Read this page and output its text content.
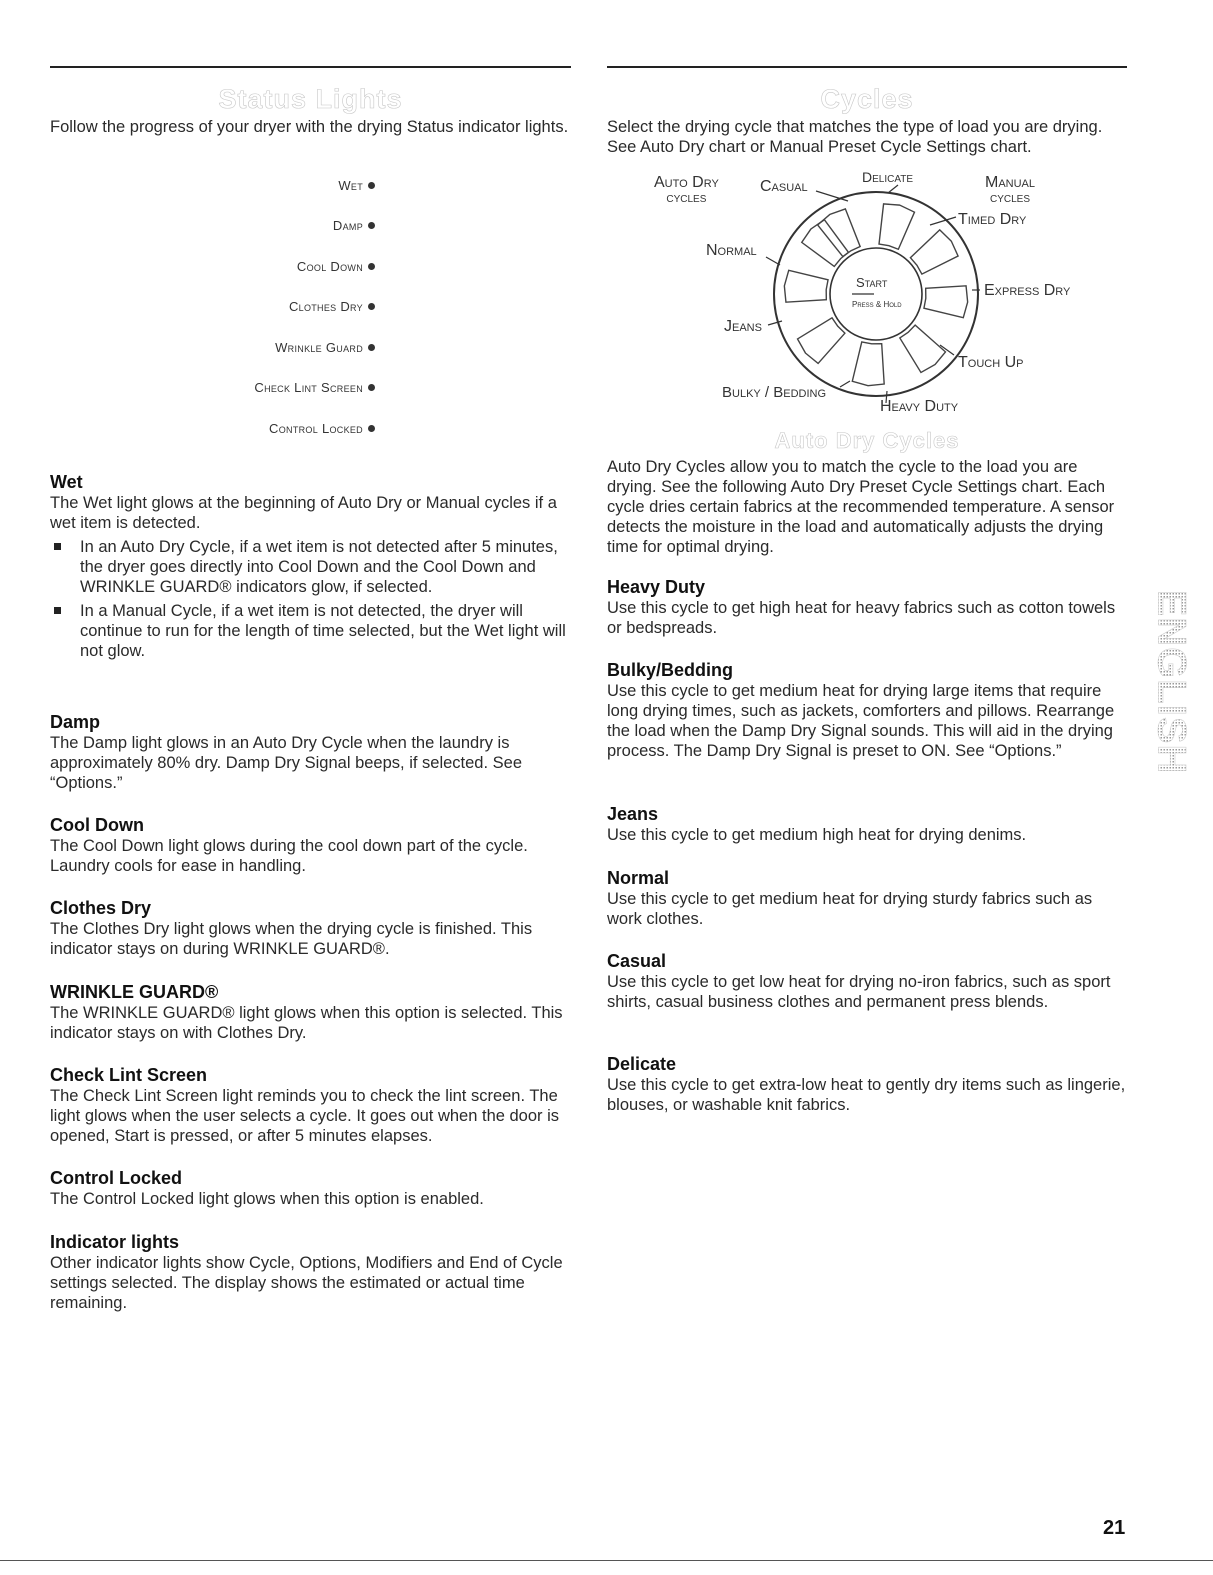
Status Lights

Follow the progress of your dryer with the drying Status indicator lights.

Wet
Damp
Cool Down
Clothes Dry
Wrinkle Guard
Check Lint Screen
Control Locked
Wet

The Wet light glows at the beginning of Auto Dry or Manual cycles if a wet item is detected.

In an Auto Dry Cycle, if a wet item is not detected after 5 minutes, the dryer goes directly into Cool Down and the Cool Down and WRINKLE GUARD® indicators glow, if selected.
In a Manual Cycle, if a wet item is not detected, the dryer will continue to run for the length of time selected, but the Wet light will not glow.
Damp

The Damp light glows in an Auto Dry Cycle when the laundry is approximately 80% dry. Damp Dry Signal beeps, if selected. See “Options.”

Cool Down

The Cool Down light glows during the cool down part of the cycle. Laundry cools for ease in handling.

Clothes Dry

The Clothes Dry light glows when the drying cycle is finished. This indicator stays on during WRINKLE GUARD®.

WRINKLE GUARD®

The WRINKLE GUARD® light glows when this option is selected. This indicator stays on with Clothes Dry.

Check Lint Screen

The Check Lint Screen light reminds you to check the lint screen. The light glows when the user selects a cycle. It goes out when the door is opened, Start is pressed, or after 5 minutes elapses.

Control Locked

The Control Locked light glows when this option is enabled.

Indicator lights

Other indicator lights show Cycle, Options, Modifiers and End of Cycle settings selected. The display shows the estimated or actual time remaining.

Cycles

Select the drying cycle that matches the type of load you are drying. See Auto Dry chart or Manual Preset Cycle Settings chart.

Auto Dry
cycles
Casual
Delicate	Manual
cycles
Timed Dry
Normal
Express Dry
Jeans
Touch Up
Bulky / Bedding
Heavy Duty
Start
Press & Hold
Auto Dry Cycles

Auto Dry Cycles allow you to match the cycle to the load you are drying. See the following Auto Dry Preset Cycle Settings chart. Each cycle dries certain fabrics at the recommended temperature. A sensor detects the moisture in the load and automatically adjusts the drying time for optimal drying.

Heavy Duty

Use this cycle to get high heat for heavy fabrics such as cotton towels or bedspreads.

Bulky/Bedding

Use this cycle to get medium heat for drying large items that require long drying times, such as jackets, comforters and pillows. Rearrange the load when the Damp Dry Signal sounds. This will aid in the drying process. The Damp Dry Signal is preset to ON. See “Options.”

Jeans

Use this cycle to get medium high heat for drying denims.

Normal

Use this cycle to get medium heat for drying sturdy fabrics such as work clothes.

Casual

Use this cycle to get low heat for drying no-iron fabrics, such as sport shirts, casual business clothes and permanent press blends.

Delicate

Use this cycle to get extra-low heat to gently dry items such as lingerie, blouses, or washable knit fabrics.

ENGLISH
21
